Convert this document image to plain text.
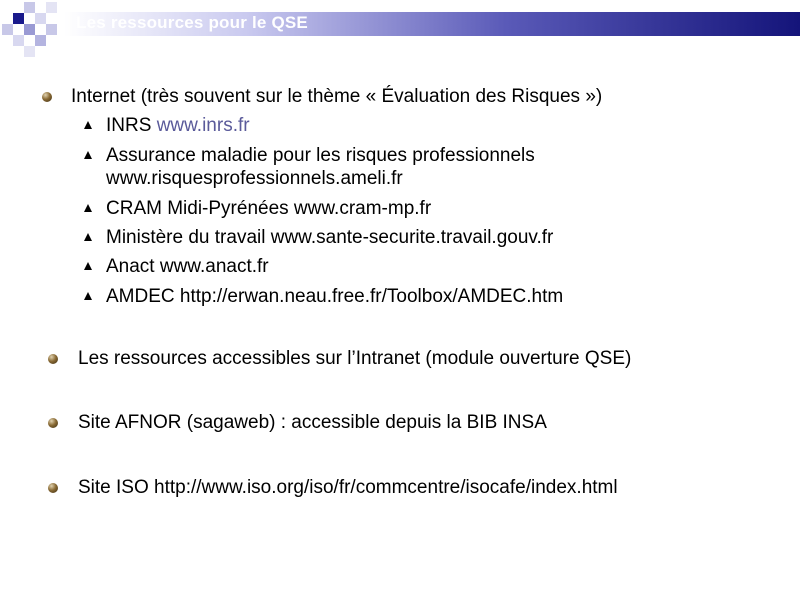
Les ressources pour le QSE
Internet (très souvent sur le thème « Évaluation des Risques »)
INRS www.inrs.fr
Assurance maladie pour les risques professionnels
www.risquesprofessionnels.ameli.fr
CRAM Midi-Pyrénées www.cram-mp.fr
Ministère du travail www.sante-securite.travail.gouv.fr
Anact www.anact.fr
AMDEC http://erwan.neau.free.fr/Toolbox/AMDEC.htm
Les ressources accessibles sur l’Intranet (module ouverture QSE)
Site AFNOR (sagaweb) : accessible depuis la BIB INSA
Site ISO http://www.iso.org/iso/fr/commcentre/isocafe/index.html
